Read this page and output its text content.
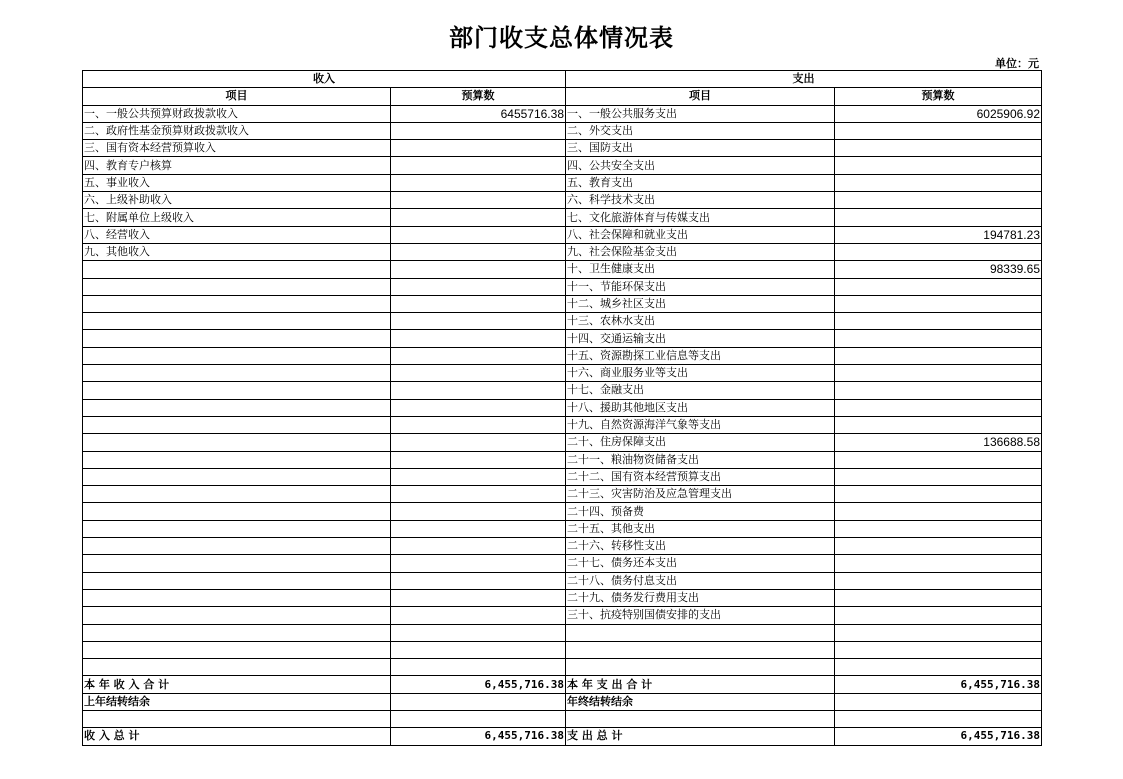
部门收支总体情况表
单位：元
收入		支出	
项目	预算数	项目	预算数
一、一般公共预算财政拨款收入	6455716.38	一、一般公共服务支出	6025906.92
二、政府性基金预算财政拨款收入		二、外交支出	
三、国有资本经营预算收入		三、国防支出	
四、教育专户核算		四、公共安全支出	
五、事业收入		五、教育支出	
六、上级补助收入		六、科学技术支出	
七、附属单位上级收入		七、文化旅游体育与传媒支出	
八、经营收入		八、社会保障和就业支出	194781.23
九、其他收入		九、社会保险基金支出	
		十、卫生健康支出	98339.65
		十一、节能环保支出	
		十二、城乡社区支出	
		十三、农林水支出	
		十四、交通运输支出	
		十五、资源勘探工业信息等支出	
		十六、商业服务业等支出	
		十七、金融支出	
		十八、援助其他地区支出	
		十九、自然资源海洋气象等支出	
		二十、住房保障支出	136688.58
		二十一、粮油物资储备支出	
		二十二、国有资本经营预算支出	
		二十三、灾害防治及应急管理支出	
		二十四、预备费	
		二十五、其他支出	
		二十六、转移性支出	
		二十七、债务还本支出	
		二十八、债务付息支出	
		二十九、债务发行费用支出	
		三十、抗疫特别国债安排的支出	

本 年 收 入 合 计	6,455,716.38	本 年 支 出 合 计	6,455,716.38
上年结转结余		年终结转结余	

收 入 总 计	6,455,716.38	支 出 总 计	6,455,716.38
